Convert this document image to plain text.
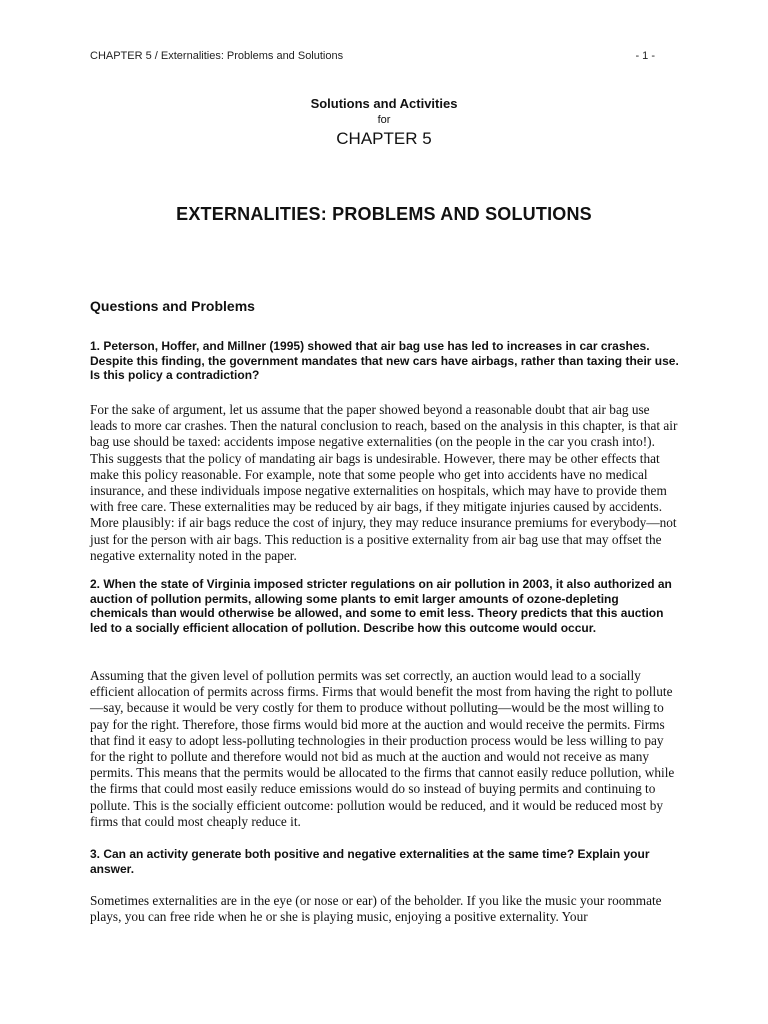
CHAPTER 5 / Externalities: Problems and Solutions	- 1 -
Solutions and Activities
for
CHAPTER 5
EXTERNALITIES: PROBLEMS AND SOLUTIONS
Questions and Problems

1. Peterson, Hoffer, and Millner (1995) showed that air bag use has led to increases in car crashes. Despite this finding, the government mandates that new cars have airbags, rather than taxing their use. Is this policy a contradiction?

For the sake of argument, let us assume that the paper showed beyond a reasonable doubt that air bag use leads to more car crashes. Then the natural conclusion to reach, based on the analysis in this chapter, is that air bag use should be taxed: accidents impose negative externalities (on the people in the car you crash into!). This suggests that the policy of mandating air bags is undesirable. However, there may be other effects that make this policy reasonable. For example, note that some people who get into accidents have no medical insurance, and these individuals impose negative externalities on hospitals, which may have to provide them with free care. These externalities may be reduced by air bags, if they mitigate injuries caused by accidents. More plausibly: if air bags reduce the cost of injury, they may reduce insurance premiums for everybody—not just for the person with air bags. This reduction is a positive externality from air bag use that may offset the negative externality noted in the paper.

2. When the state of Virginia imposed stricter regulations on air pollution in 2003, it also authorized an auction of pollution permits, allowing some plants to emit larger amounts of ozone-depleting chemicals than would otherwise be allowed, and some to emit less. Theory predicts that this auction led to a socially efficient allocation of pollution. Describe how this outcome would occur.

Assuming that the given level of pollution permits was set correctly, an auction would lead to a socially efficient allocation of permits across firms. Firms that would benefit the most from having the right to pollute—say, because it would be very costly for them to produce without polluting—would be the most willing to pay for the right. Therefore, those firms would bid more at the auction and would receive the permits. Firms that find it easy to adopt less-polluting technologies in their production process would be less willing to pay for the right to pollute and therefore would not bid as much at the auction and would not receive as many permits. This means that the permits would be allocated to the firms that cannot easily reduce pollution, while the firms that could most easily reduce emissions would do so instead of buying permits and continuing to pollute. This is the socially efficient outcome: pollution would be reduced, and it would be reduced most by firms that could most cheaply reduce it.

3. Can an activity generate both positive and negative externalities at the same time? Explain your answer.

Sometimes externalities are in the eye (or nose or ear) of the beholder. If you like the music your roommate plays, you can free ride when he or she is playing music, enjoying a positive externality. Your
